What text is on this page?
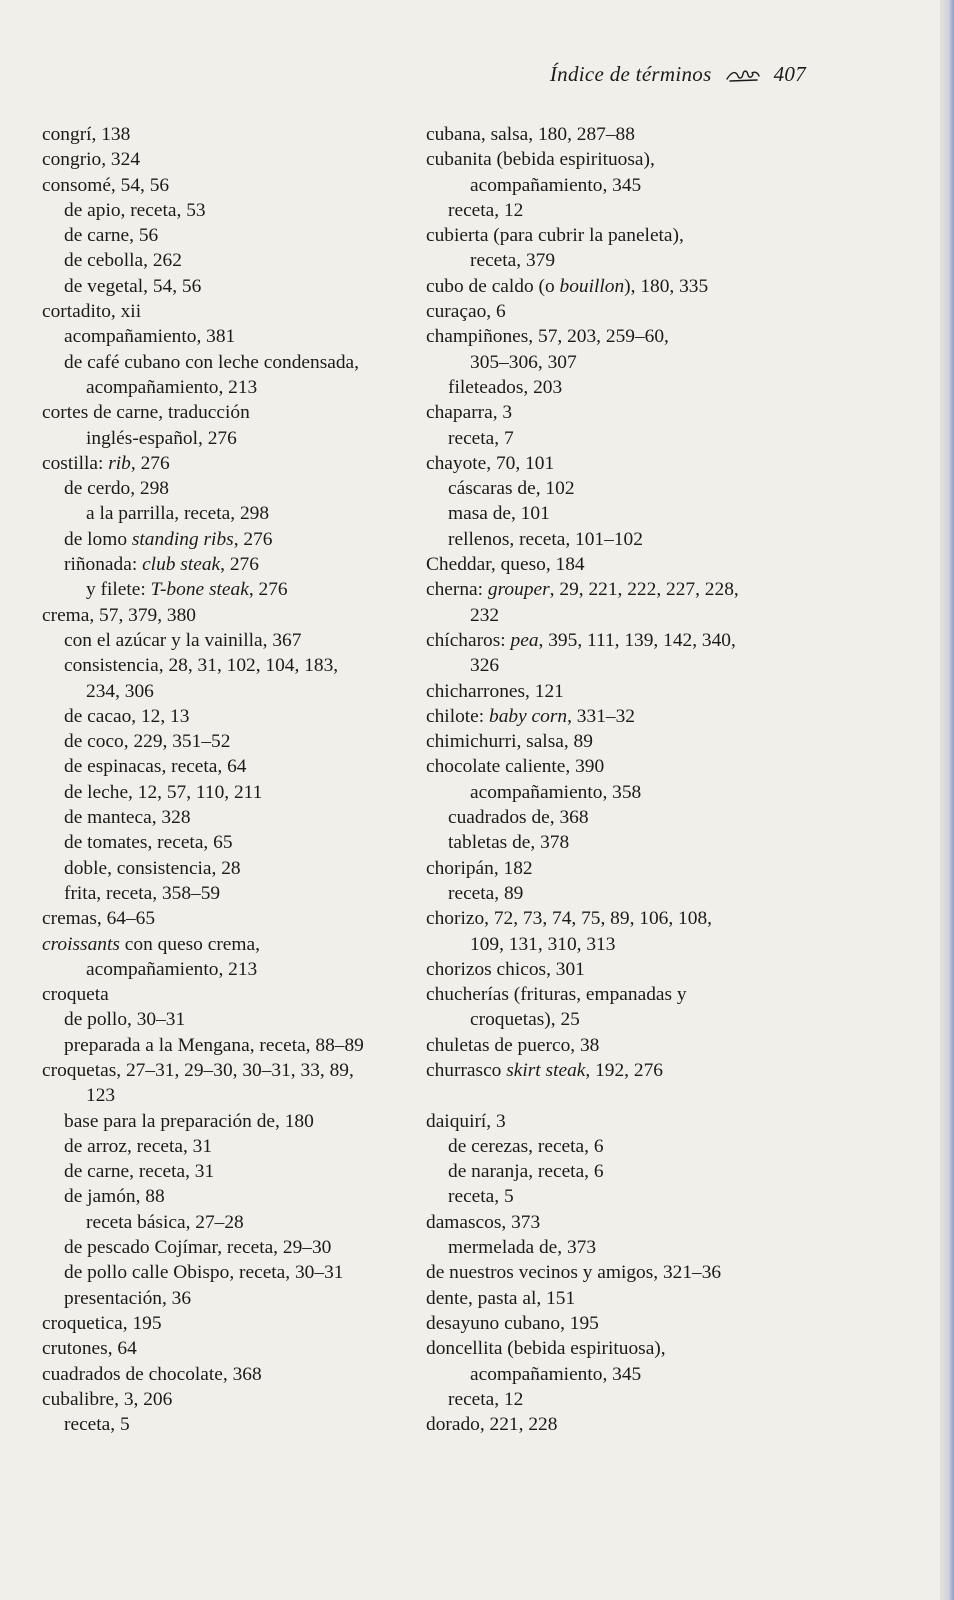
Índice de términos	407
congrí, 138
congrio, 324
consomé, 54, 56
de apio, receta, 53
de carne, 56
de cebolla, 262
de vegetal, 54, 56
cortadito, xii
acompañamiento, 381
de café cubano con leche condensada,
acompañamiento, 213
cortes de carne, traducción
inglés-español, 276
costilla: rib, 276
de cerdo, 298
a la parrilla, receta, 298
de lomo standing ribs, 276
riñonada: club steak, 276
y filete: T-bone steak, 276
crema, 57, 379, 380
con el azúcar y la vainilla, 367
consistencia, 28, 31, 102, 104, 183,
234, 306
de cacao, 12, 13
de coco, 229, 351–52
de espinacas, receta, 64
de leche, 12, 57, 110, 211
de manteca, 328
de tomates, receta, 65
doble, consistencia, 28
frita, receta, 358–59
cremas, 64–65
croissants con queso crema,
acompañamiento, 213
croqueta
de pollo, 30–31
preparada a la Mengana, receta, 88–89
croquetas, 27–31, 29–30, 30–31, 33, 89,
123
base para la preparación de, 180
de arroz, receta, 31
de carne, receta, 31
de jamón, 88
receta básica, 27–28
de pescado Cojímar, receta, 29–30
de pollo calle Obispo, receta, 30–31
presentación, 36
croquetica, 195
crutones, 64
cuadrados de chocolate, 368
cubalibre, 3, 206
receta, 5
cubana, salsa, 180, 287–88
cubanita (bebida espirituosa),
acompañamiento, 345
receta, 12
cubierta (para cubrir la paneleta),
receta, 379
cubo de caldo (o bouillon), 180, 335
curaçao, 6
champiñones, 57, 203, 259–60,
305–306, 307
fileteados, 203
chaparra, 3
receta, 7
chayote, 70, 101
cáscaras de, 102
masa de, 101
rellenos, receta, 101–102
Cheddar, queso, 184
cherna: grouper, 29, 221, 222, 227, 228,
232
chícharos: pea, 395, 111, 139, 142, 340,
326
chicharrones, 121
chilote: baby corn, 331–32
chimichurri, salsa, 89
chocolate caliente, 390
acompañamiento, 358
cuadrados de, 368
tabletas de, 378
choripán, 182
receta, 89
chorizo, 72, 73, 74, 75, 89, 106, 108,
109, 131, 310, 313
chorizos chicos, 301
chucherías (frituras, empanadas y
croquetas), 25
chuletas de puerco, 38
churrasco skirt steak, 192, 276
daiquirí, 3
de cerezas, receta, 6
de naranja, receta, 6
receta, 5
damascos, 373
mermelada de, 373
de nuestros vecinos y amigos, 321–36
dente, pasta al, 151
desayuno cubano, 195
doncellita (bebida espirituosa),
acompañamiento, 345
receta, 12
dorado, 221, 228
